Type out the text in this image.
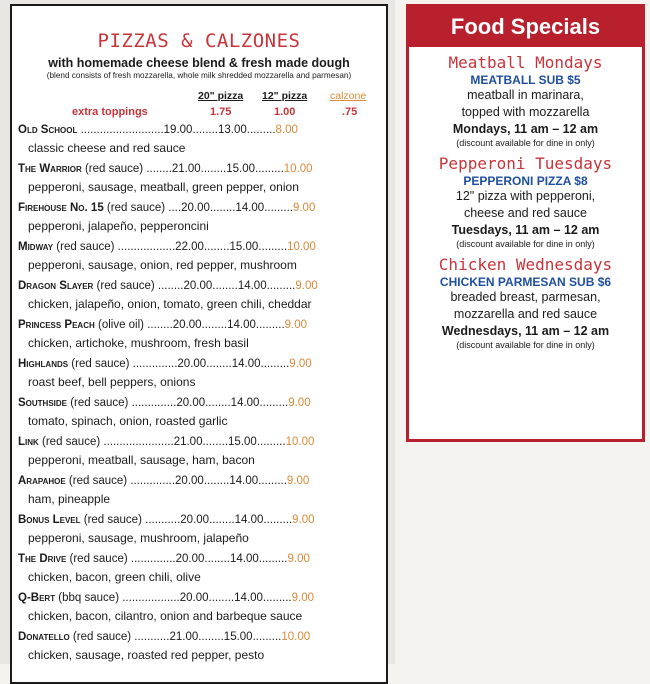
PIZZAS & CALZONES
with homemade cheese blend & fresh made dough
(blend consists of fresh mozzarella, whole milk shredded mozzarella and parmesan)
20" pizza 12" pizza calzone
extra toppings	1.75	1.00	.75
Old School ..........................19.00........13.00.........8.00
classic cheese and red sauce
The Warrior (red sauce) ........21.00........15.00.........10.00
pepperoni, sausage, meatball, green pepper, onion
Firehouse No. 15 (red sauce) ....20.00........14.00.........9.00
pepperoni, jalapeño, pepperoncini
Midway (red sauce) ..................22.00........15.00.........10.00
pepperoni, sausage, onion, red pepper, mushroom
Dragon Slayer (red sauce) ........20.00........14.00.........9.00
chicken, jalapeño, onion, tomato, green chili, cheddar
Princess Peach (olive oil) ........20.00........14.00.........9.00
chicken, artichoke, mushroom, fresh basil
Highlands (red sauce) ..............20.00........14.00.........9.00
roast beef, bell peppers, onions
Southside (red sauce) ..............20.00........14.00.........9.00
tomato, spinach, onion, roasted garlic
Link (red sauce) ......................21.00........15.00.........10.00
pepperoni, meatball, sausage, ham, bacon
Arapahoe (red sauce) ..............20.00........14.00.........9.00
ham, pineapple
Bonus Level (red sauce) ...........20.00........14.00.........9.00
pepperoni, sausage, mushroom, jalapeño
The Drive (red sauce) ..............20.00........14.00.........9.00
chicken, bacon, green chili, olive
Q-Bert (bbq sauce) ..................20.00........14.00.........9.00
chicken, bacon, cilantro, onion and barbeque sauce
Donatello (red sauce) ...........21.00........15.00.........10.00
chicken, sausage, roasted red pepper, pesto
Food Specials
Meatball Mondays
MEATBALL SUB $5
meatball in marinara,
topped with mozzarella
Mondays, 11 am – 12 am
(discount available for dine in only)
Pepperoni Tuesdays
PEPPERONI PIZZA $8
12" pizza with pepperoni,
cheese and red sauce
Tuesdays, 11 am – 12 am
(discount available for dine in only)
Chicken Wednesdays
CHICKEN PARMESAN SUB $6
breaded breast, parmesan,
mozzarella and red sauce
Wednesdays, 11 am – 12 am
(discount available for dine in only)
